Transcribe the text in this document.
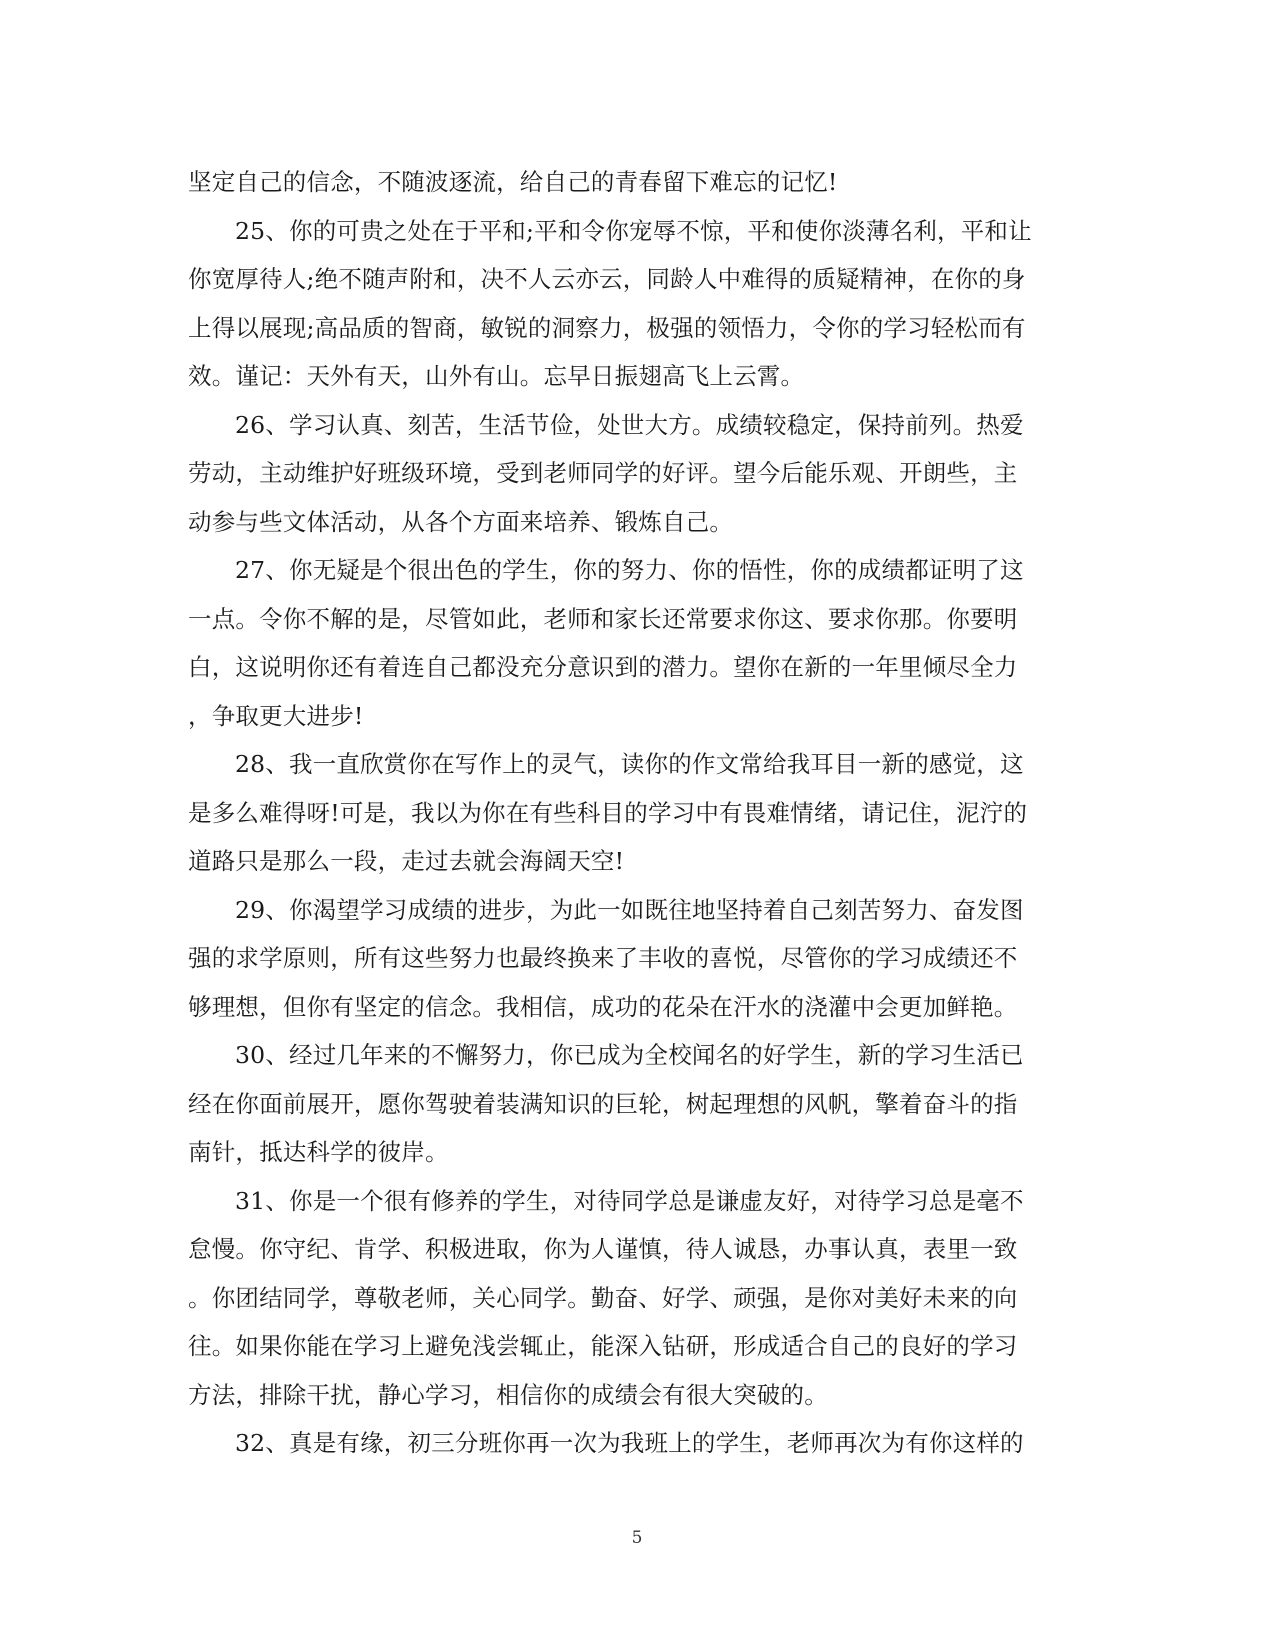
坚定自己的信念，不随波逐流，给自己的青春留下难忘的记忆!
25、你的可贵之处在于平和;平和令你宠辱不惊，平和使你淡薄名利，平和让
你宽厚待人;绝不随声附和，决不人云亦云，同龄人中难得的质疑精神，在你的身
上得以展现;高品质的智商，敏锐的洞察力，极强的领悟力，令你的学习轻松而有
效。谨记：天外有天，山外有山。忘早日振翅高飞上云霄。
26、学习认真、刻苦，生活节俭，处世大方。成绩较稳定，保持前列。热爱
劳动，主动维护好班级环境，受到老师同学的好评。望今后能乐观、开朗些，主
动参与些文体活动，从各个方面来培养、锻炼自己。
27、你无疑是个很出色的学生，你的努力、你的悟性，你的成绩都证明了这
一点。令你不解的是，尽管如此，老师和家长还常要求你这、要求你那。你要明
白，这说明你还有着连自己都没充分意识到的潜力。望你在新的一年里倾尽全力
，争取更大进步!
28、我一直欣赏你在写作上的灵气，读你的作文常给我耳目一新的感觉，这
是多么难得呀!可是，我以为你在有些科目的学习中有畏难情绪，请记住，泥泞的
道路只是那么一段，走过去就会海阔天空!
29、你渴望学习成绩的进步，为此一如既往地坚持着自己刻苦努力、奋发图
强的求学原则，所有这些努力也最终换来了丰收的喜悦，尽管你的学习成绩还不
够理想，但你有坚定的信念。我相信，成功的花朵在汗水的浇灌中会更加鲜艳。
30、经过几年来的不懈努力，你已成为全校闻名的好学生，新的学习生活已
经在你面前展开，愿你驾驶着装满知识的巨轮，树起理想的风帆，擎着奋斗的指
南针，抵达科学的彼岸。
31、你是一个很有修养的学生，对待同学总是谦虚友好，对待学习总是毫不
怠慢。你守纪、肯学、积极进取，你为人谨慎，待人诚恳，办事认真，表里一致
。你团结同学，尊敬老师，关心同学。勤奋、好学、顽强，是你对美好未来的向
往。如果你能在学习上避免浅尝辄止，能深入钻研，形成适合自己的良好的学习
方法，排除干扰，静心学习，相信你的成绩会有很大突破的。
32、真是有缘，初三分班你再一次为我班上的学生，老师再次为有你这样的
5
